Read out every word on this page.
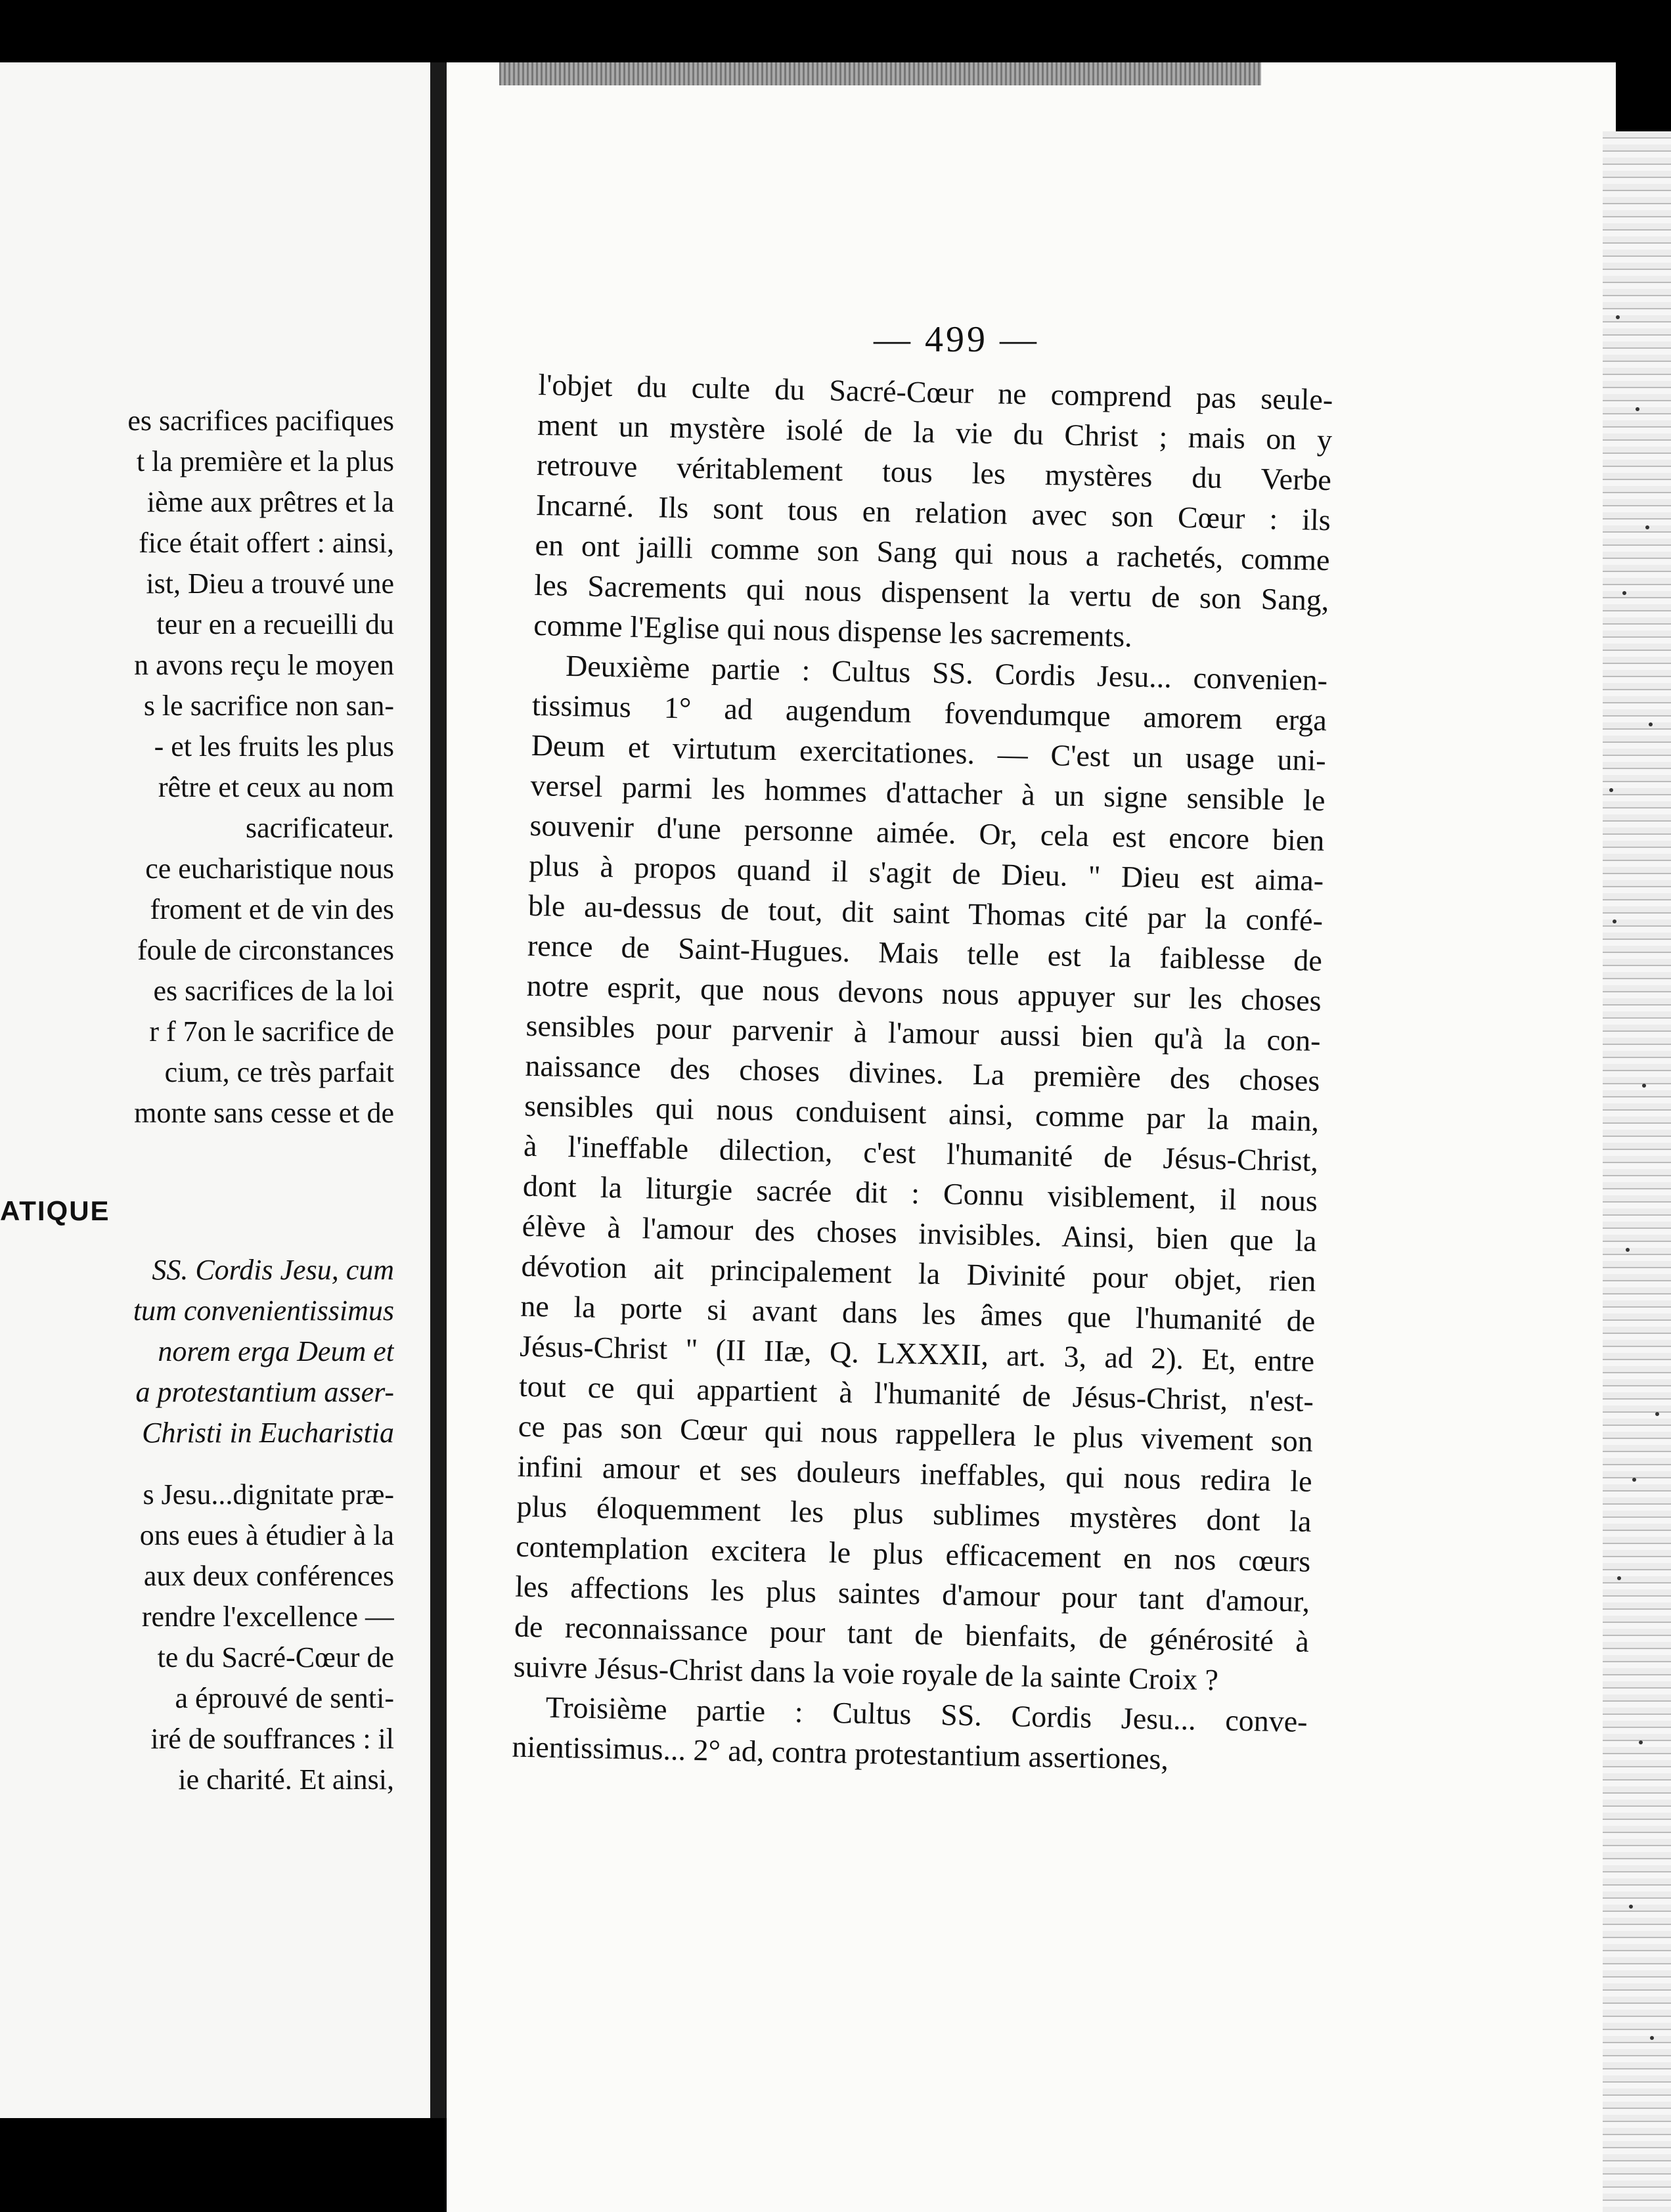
es sacrifices pacifiques
t la première et la plus
ième aux prêtres et la
fice était offert : ainsi,
ist, Dieu a trouvé une
teur en a recueilli du
n avons reçu le moyen
s le sacrifice non san-
- et les fruits les plus
rêtre et ceux au nom
sacrificateur.
ce eucharistique nous
froment et de vin des
foule de circonstances
es sacrifices de la loi
r f 7on le sacrifice de
cium, ce très parfait
monte sans cesse et de
ATIQUE
SS. Cordis Jesu, cum
tum convenientissimus
norem erga Deum et
a protestantium asser-
Christi in Eucharistia
s Jesu...dignitate præ-
ons eues à étudier à la
aux deux conférences
rendre l'excellence —
te du Sacré-Cœur de
a éprouvé de senti-
iré de souffrances : il
ie charité. Et ainsi,
— 499 —
l'objet du culte du Sacré-Cœur ne comprend pas seule-
ment un mystère isolé de la vie du Christ ; mais on y
retrouve véritablement tous les mystères du Verbe
Incarné. Ils sont tous en relation avec son Cœur : ils
en ont jailli comme son Sang qui nous a rachetés, comme
les Sacrements qui nous dispensent la vertu de son Sang,
comme l'Eglise qui nous dispense les sacrements.
Deuxième partie : Cultus SS. Cordis Jesu... convenien-
tissimus 1° ad augendum fovendumque amorem erga
Deum et virtutum exercitationes. — C'est un usage uni-
versel parmi les hommes d'attacher à un signe sensible le
souvenir d'une personne aimée. Or, cela est encore bien
plus à propos quand il s'agit de Dieu. " Dieu est aima-
ble au-dessus de tout, dit saint Thomas cité par la confé-
rence de Saint-Hugues. Mais telle est la faiblesse de
notre esprit, que nous devons nous appuyer sur les choses
sensibles pour parvenir à l'amour aussi bien qu'à la con-
naissance des choses divines. La première des choses
sensibles qui nous conduisent ainsi, comme par la main,
à l'ineffable dilection, c'est l'humanité de Jésus-Christ,
dont la liturgie sacrée dit : Connu visiblement, il nous
élève à l'amour des choses invisibles. Ainsi, bien que la
dévotion ait principalement la Divinité pour objet, rien
ne la porte si avant dans les âmes que l'humanité de
Jésus-Christ " (II IIæ, Q. LXXXII, art. 3, ad 2). Et, entre
tout ce qui appartient à l'humanité de Jésus-Christ, n'est-
ce pas son Cœur qui nous rappellera le plus vivement son
infini amour et ses douleurs ineffables, qui nous redira le
plus éloquemment les plus sublimes mystères dont la
contemplation excitera le plus efficacement en nos cœurs
les affections les plus saintes d'amour pour tant d'amour,
de reconnaissance pour tant de bienfaits, de générosité à
suivre Jésus-Christ dans la voie royale de la sainte Croix ?
Troisième partie : Cultus SS. Cordis Jesu... conve-
nientissimus... 2° ad, contra protestantium assertiones,
